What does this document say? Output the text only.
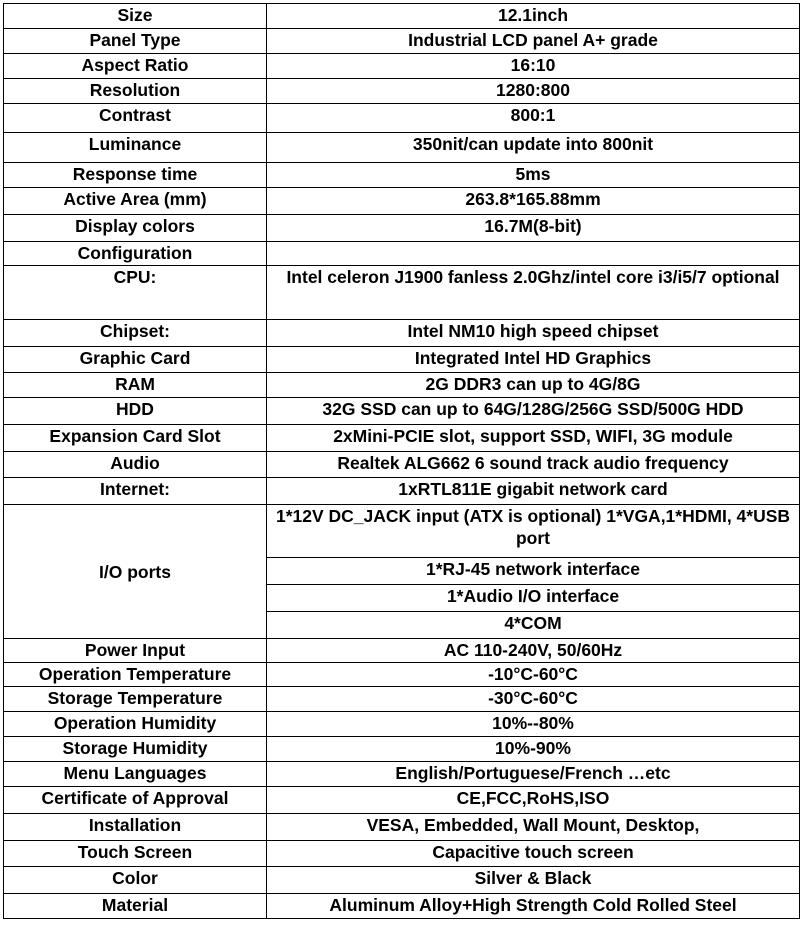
Size	12.1inch
Panel Type	Industrial LCD panel A+ grade
Aspect Ratio	16:10
Resolution	1280:800
Contrast	800:1
Luminance	350nit/can update into 800nit
Response time	5ms
Active Area (mm)	263.8*165.88mm
Display colors	16.7M(8-bit)
Configuration	
CPU:	Intel celeron J1900 fanless 2.0Ghz/intel core i3/i5/7 optional
Chipset:	Intel NM10 high speed chipset
Graphic Card	Integrated Intel HD Graphics
RAM	2G DDR3 can up to 4G/8G
HDD	32G SSD can up to 64G/128G/256G SSD/500G HDD
Expansion Card Slot	2xMini-PCIE slot, support SSD, WIFI, 3G module
Audio	Realtek ALG662 6 sound track audio frequency
Internet:	1xRTL811E gigabit network card
I/O ports	1*12V DC_JACK input (ATX is optional) 1*VGA,1*HDMI, 4*USB port
	1*RJ-45 network interface
	1*Audio I/O interface
	4*COM
Power Input	AC 110-240V, 50/60Hz
Operation Temperature	-10°C-60°C
Storage Temperature	-30°C-60°C
Operation Humidity	10%--80%
Storage Humidity	10%-90%
Menu Languages	English/Portuguese/French …etc
Certificate of Approval	CE,FCC,RoHS,ISO
Installation	VESA, Embedded, Wall Mount, Desktop,
Touch Screen	Capacitive touch screen
Color	Silver & Black
Material	Aluminum Alloy+High Strength Cold Rolled Steel
